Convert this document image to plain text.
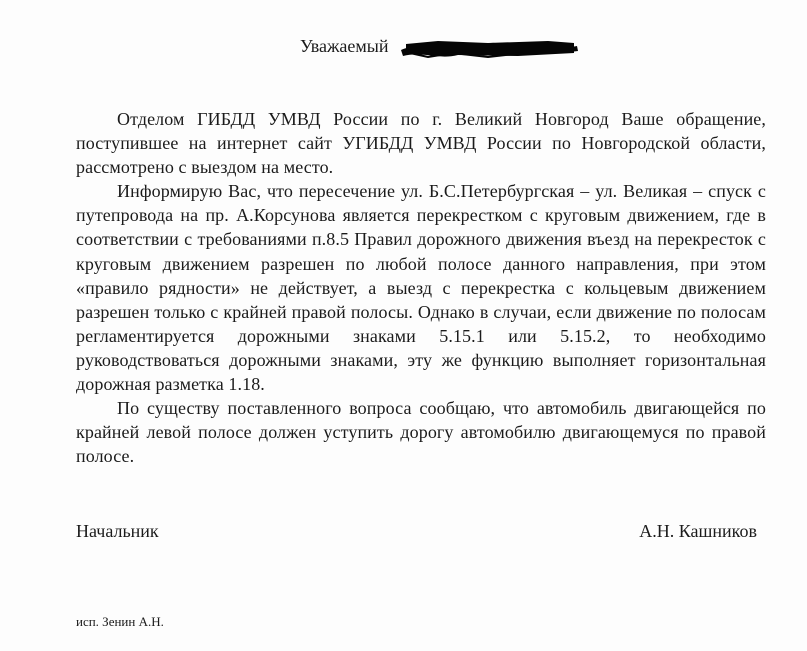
Уважаемый

Отделом ГИБДД УМВД России по г. Великий Новгород Ваше обращение, поступившее на интернет сайт УГИБДД УМВД России по Новгородской области, рассмотрено с выездом на место.

Информирую Вас, что пересечение ул. Б.С.Петербургская – ул. Великая – спуск с путепровода на пр. А.Корсунова является перекрестком с круговым движением, где в соответствии с требованиями п.8.5 Правил дорожного движения въезд на перекресток с круговым движением разрешен по любой полосе данного направления, при этом «правило рядности» не действует, а выезд с перекрестка с кольцевым движением разрешен только с крайней правой полосы. Однако в случаи, если движение по полосам регламентируется дорожными знаками 5.15.1 или 5.15.2, то необходимо руководствоваться дорожными знаками, эту же функцию выполняет горизонтальная дорожная разметка 1.18.

По существу поставленного вопроса сообщаю, что автомобиль двигающейся по крайней левой полосе должен уступить дорогу автомобилю двигающемуся по правой полосе.

Начальник	А.Н. Кашников
исп. Зенин А.Н.
